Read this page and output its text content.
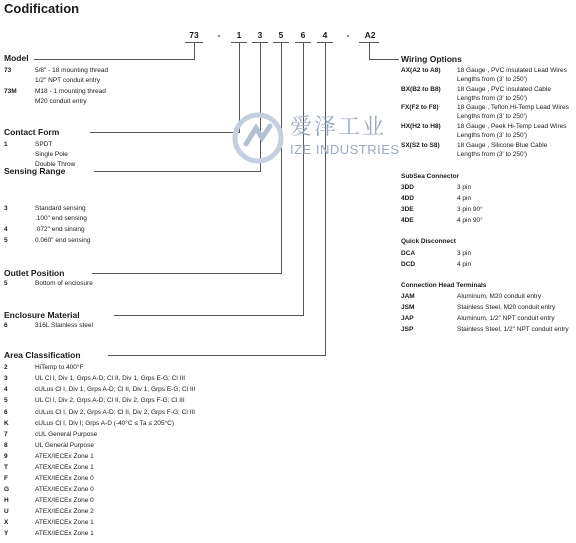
Codification
73	-	1	3	5	6	4	-	A2
爱泽工业
IZE INDUSTRIES
Model
73	5/8" - 18 mounting thread
1/2" NPT conduit entry
73M	M18 - 1 mounting thread
M20 conduit entry
Contact Form
1	SPDT
Single Pole
Double Throw
Sensing Range
3	Standard sensing
.100" end sensing
4	.072" end sinsing
5	0.060" end sensing
Outlet Position
5	Bottom of enclosure
Enclosure Material
6	316L Stainless steel
Area Classification
2	HiTemp to 400°F
3	UL Cl I, Div 1, Grps A-D; Cl II, Div 1, Grps E-G; Cl III
4	cULus Cl I, Div 1, Grps A-D; Cl II, Div 1, Grps E-G; Cl III
5	UL Cl I, Div 2, Grps A-D; Cl II, Div 2, Grps F-G; Cl III
6	cULus Cl I, Div 2, Grps A-D; Cl II, Div 2, Grps F-G; Cl III
K	cULus Cl I, Div I; Grps A-D (-40°C ≤ Ta ≤ 205°C)
7	cUL General Purpose
8	UL General Purpose
9	ATEX/IECEx Zone 1
T	ATEX/IECEx Zone 1
F	ATEX/IECEx Zone 0
G	ATEX/IECEx Zone 0
H	ATEX/IECEx Zone 0
U	ATEX/IECEx Zone 2
X	ATEX/IECEx Zone 1
Y	ATEX/IECEx Zone 1
Wiring Options
AX(A2 to A8)	18 Gauge , PVC insulated Lead Wires
Lengths from (3' to 250')
BX(B2 to B8)	18 Gauge , PVC insulated Cable
Lengths from (3' to 250')
FX(F2 to F8)	18 Gauge , Teflon Hi-Temp Lead Wires
Lengths from (3' to 250')
HX(H2 to H8)	18 Gauge , Peek Hi-Temp Lead Wires
Lengths from (3' to 250')
SX(S2 to S8)	18 Gauge , Silicone Blue Cable
Lengths from (3' to 250')
SubSea Connector
3DD	3 pin
4DD	4 pin
3DE	3 pin 90°
4DE	4 pin 90°
Quick Disconnect
DCA	3 pin
DCD	4 pin
Connection Head Terminals
JAM	Aluminum, M20 conduit entry
JSM	Stainless Steel, M20 conduit entry
JAP	Aluminum, 1/2" NPT conduit entry
JSP	Stainless Steel, 1/2" NPT conduit entry
